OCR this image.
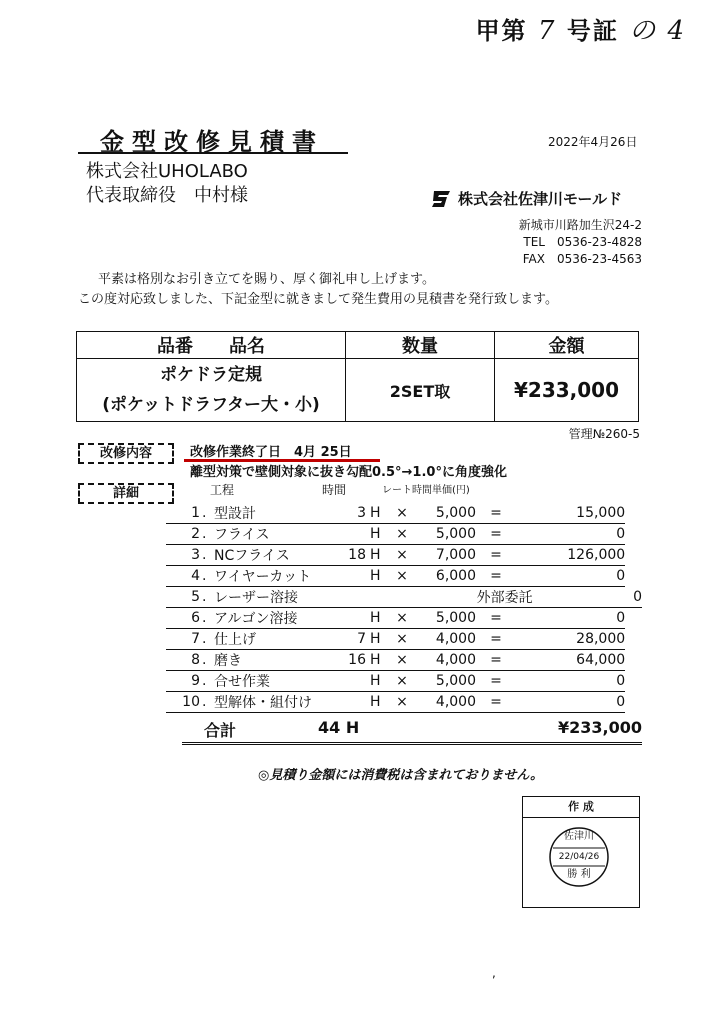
甲第 7 号証 の 4
金型改修見積書	2022年4月26日
株式会社UHOLABO
代表取締役　中村様	株式会社佐津川モールド
新城市川路加生沢24-2
TEL　0536-23-4828
FAX　0536-23-4563
平素は格別なお引き立てを賜り、厚く御礼申し上げます。
この度対応致しました、下記金型に就きまして発生費用の見積書を発行致します。
品番　　品名	数量	金額

ポケドラ定規
(ポケットドラフター大・小)	2SET取	¥233,000
管理№260-5
改修内容
詳細
改修作業終了日　4月 25日
離型対策で壁側対象に抜き勾配0.5°→1.0°に角度強化
工程	時間	レート時間単価(円)
1	.	型設計	3	H	×	5,000	=	15,000	
2	.	フライス		H	×	5,000	=	0	
3	.	NCフライス	18	H	×	7,000	=	126,000	
4	.	ワイヤーカット		H	×	6,000	=	0	
5	.	レーザー溶接			外部委託				0
6	.	アルゴン溶接		H	×	5,000	=	0	
7	.	仕上げ	7	H	×	4,000	=	28,000	
8	.	磨き	16	H	×	4,000	=	64,000	
9	.	合せ作業		H	×	5,000	=	0	
10	.	型解体・組付け		H	×	4,000	=	0	
合計	44 H	¥233,000
◎見積り金額には消費税は含まれておりません。
作 成
佐津川
22/04/26
勝 利
,
